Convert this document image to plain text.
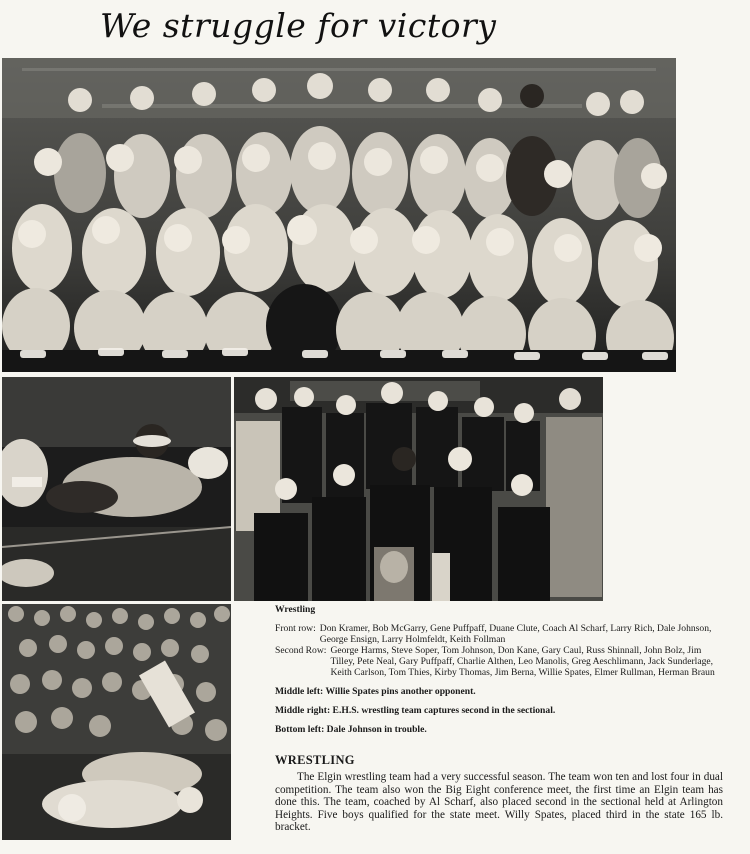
We struggle for victory

Wrestling

Front row: Don Kramer, Bob McGarry, Gene Puffpaff, Duane Clute, Coach Al Scharf, Larry Rich, Dale Johnson, George Ensign, Larry Holmfeldt, Keith Follman
Second Row: George Harms, Steve Soper, Tom Johnson, Don Kane, Gary Caul, Russ Shinnall, John Bolz, Jim Tilley, Pete Neal, Gary Puffpaff, Charlie Althen, Leo Manolis, Greg Aeschlimann, Jack Sunderlage, Keith Carlson, Tom Thies, Kirby Thomas, Jim Berna, Willie Spates, Elmer Rullman, Herman Braun

Middle left: Willie Spates pins another opponent.

Middle right: E.H.S. wrestling team captures second in the sectional.

Bottom left: Dale Johnson in trouble.

WRESTLING

The Elgin wrestling team had a very successful season. The team won ten and lost four in dual competition. The team also won the Big Eight conference meet, the first time an Elgin team has done this. The team, coached by Al Scharf, also placed second in the sectional held at Arlington Heights. Five boys qualified for the state meet. Willy Spates, placed third in the state 165 lb. bracket.
